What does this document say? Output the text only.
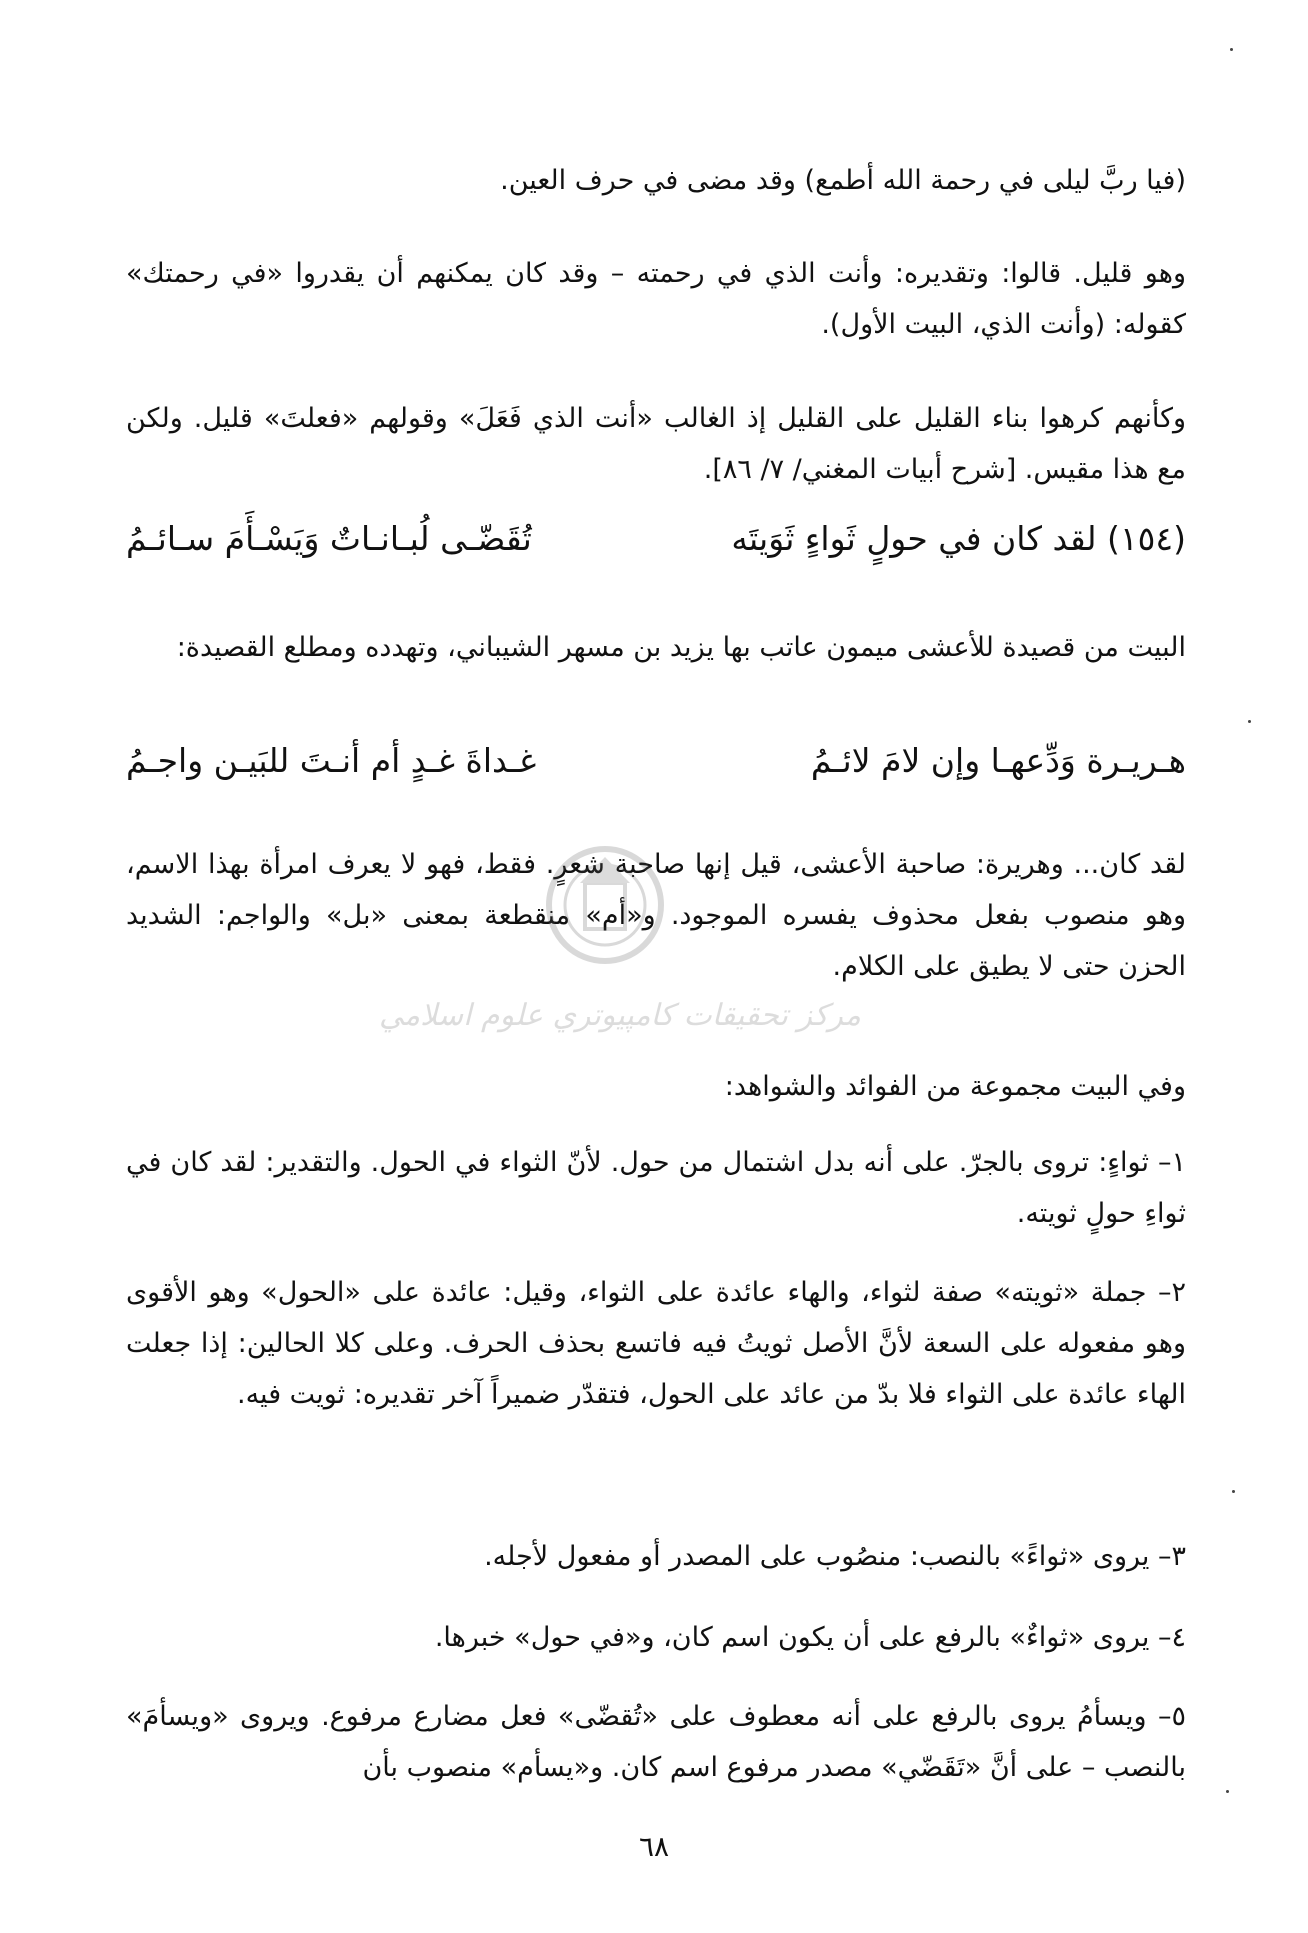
(فيا ربَّ ليلى في رحمة الله أطمع) وقد مضى في حرف العين.

وهو قليل. قالوا: وتقديره: وأنت الذي في رحمته – وقد كان يمكنهم أن يقدروا «في رحمتك» كقوله: (وأنت الذي، البيت الأول).

وكأنهم كرهوا بناء القليل على القليل إذ الغالب «أنت الذي فَعَلَ» وقولهم «فعلتَ» قليل. ولكن مع هذا مقيس. [شرح أبيات المغني/ ٧/ ٨٦].

(١٥٤) لقد كان في حولٍ ثَواءٍ ثَوَيتَه
تُقَضّـى لُبـانـاتٌ وَيَسْـأَمَ سـائـمُ

البيت من قصيدة للأعشى ميمون عاتب بها يزيد بن مسهر الشيباني، وتهدده ومطلع القصيدة:

هـريـرة وَدِّعهـا وإن لامَ لائـمُ
غـداةَ غـدٍ أم أنـتَ للبَيـن واجـمُ

لقد كان... وهريرة: صاحبة الأعشى، قيل إنها صاحبة شعرٍ. فقط، فهو لا يعرف امرأة بهذا الاسم، وهو منصوب بفعل محذوف يفسره الموجود. و«أم» منقطعة بمعنى «بل» والواجم: الشديد الحزن حتى لا يطيق على الكلام.

مركز تحقيقات كامپيوتري علوم اسلامي

وفي البيت مجموعة من الفوائد والشواهد:

١– ثواءٍ: تروى بالجرّ. على أنه بدل اشتمال من حول. لأنّ الثواء في الحول. والتقدير: لقد كان في ثواءِ حولٍ ثويته.

٢– جملة «ثويته» صفة لثواء، والهاء عائدة على الثواء، وقيل: عائدة على «الحول» وهو الأقوى وهو مفعوله على السعة لأنَّ الأصل ثويتُ فيه فاتسع بحذف الحرف. وعلى كلا الحالين: إذا جعلت الهاء عائدة على الثواء فلا بدّ من عائد على الحول، فتقدّر ضميراً آخر تقديره: ثويت فيه.

٣– يروى «ثواءً» بالنصب: منصُوب على المصدر أو مفعول لأجله.

٤– يروى «ثواءٌ» بالرفع على أن يكون اسم كان، و«في حول» خبرها.

٥– ويسأمُ يروى بالرفع على أنه معطوف على «تُقضّى» فعل مضارع مرفوع. ويروى «ويسأمَ» بالنصب – على أنَّ «تَقَضّي» مصدر مرفوع اسم كان. و«يسأم» منصوب بأن

٦٨
